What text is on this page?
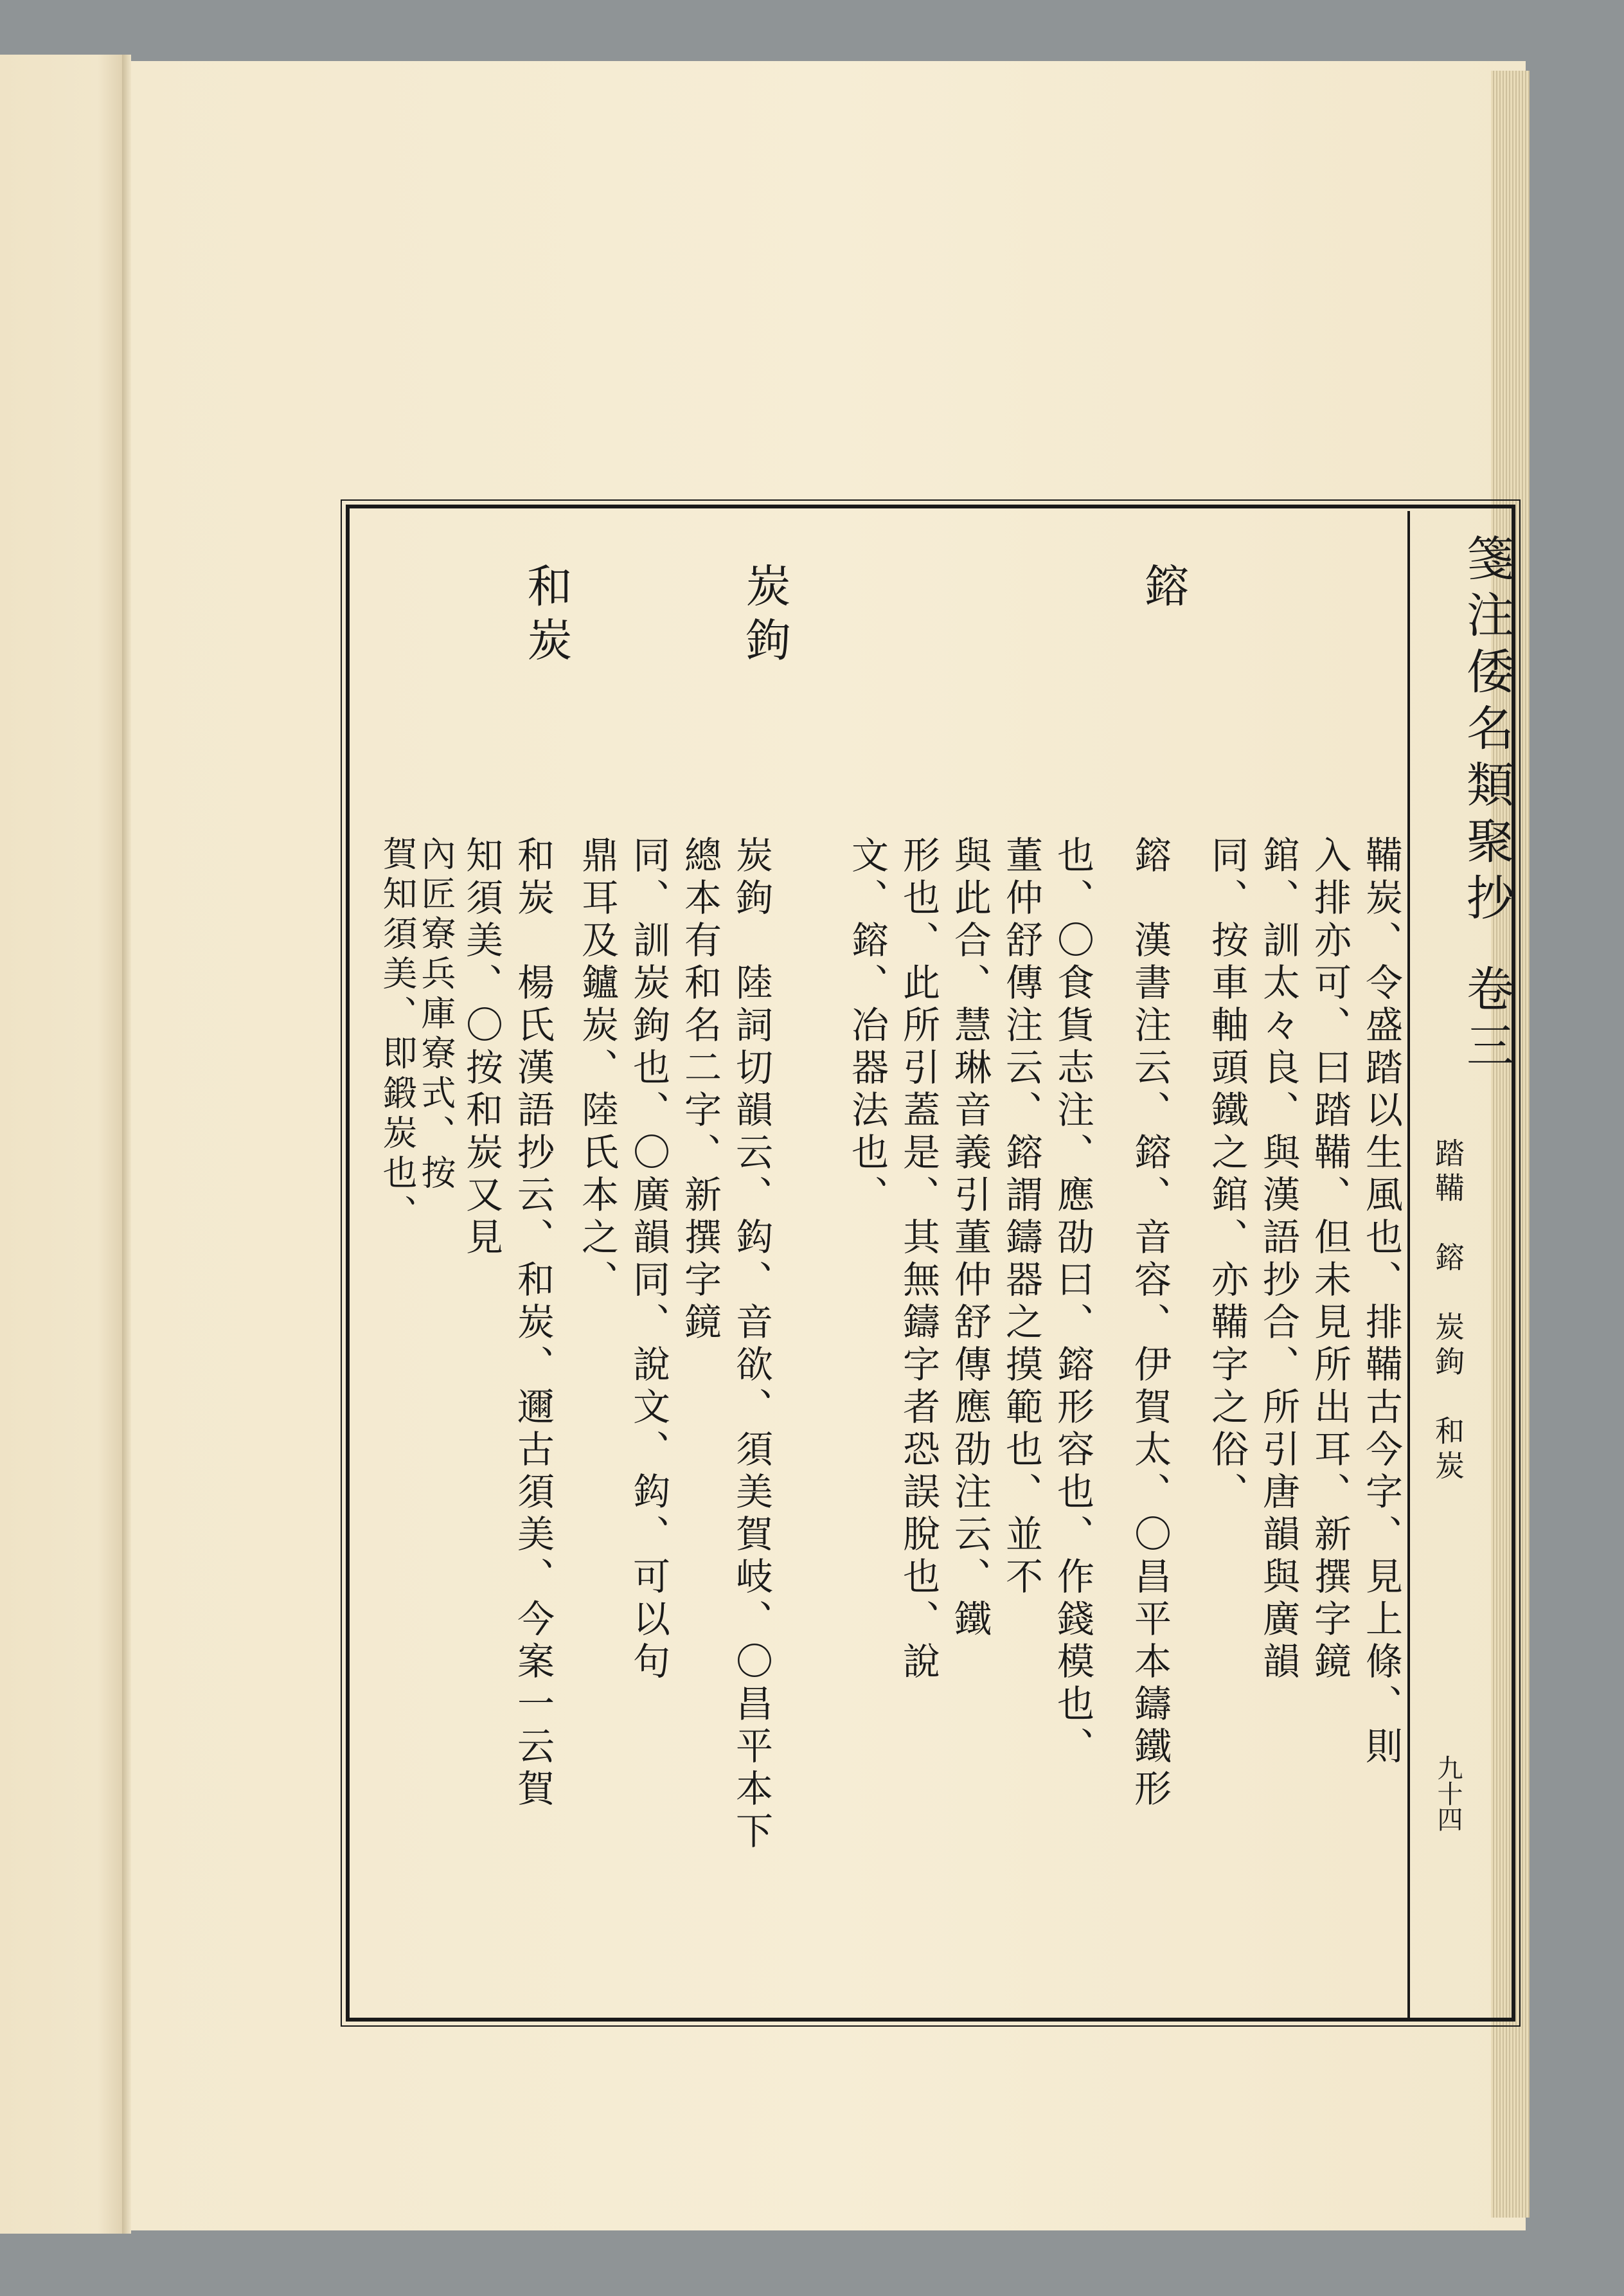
箋注倭名類聚抄
卷三
踏鞴　鎔　炭鉤　和炭
九十四
鞴炭、令盛踏以生風也、排鞴古今字、見上條、則
入排亦可、曰踏鞴、但未見所出耳、新撰字鏡
錧、訓太々良、與漢語抄合、所引唐韻與廣韻
同、按車軸頭鐵之錧、亦鞴字之俗、
鎔
鎔　漢書注云、鎔、音容、伊賀太、〇昌平本鑄鐵形
也、〇食貨志注、應劭曰、鎔形容也、作錢模也、
董仲舒傳注云、鎔謂鑄器之摸範也、並不
與此合、慧琳音義引董仲舒傳應劭注云、鐵
形也、此所引蓋是、其無鑄字者恐誤脫也、說
文、鎔、冶器法也、
炭鉤
炭鉤　陸詞切韻云、鈎、音欲、須美賀岐、〇昌平本下
總本有和名二字、新撰字鏡
同、訓炭鉤也、〇廣韻同、說文、鈎、可以句
鼎耳及鑪炭、陸氏本之、
和炭
和炭　楊氏漢語抄云、和炭、邇古須美、今案一云賀
知須美、〇按和炭又見
內匠寮兵庫寮式、按
賀知須美、即鍛炭也、
